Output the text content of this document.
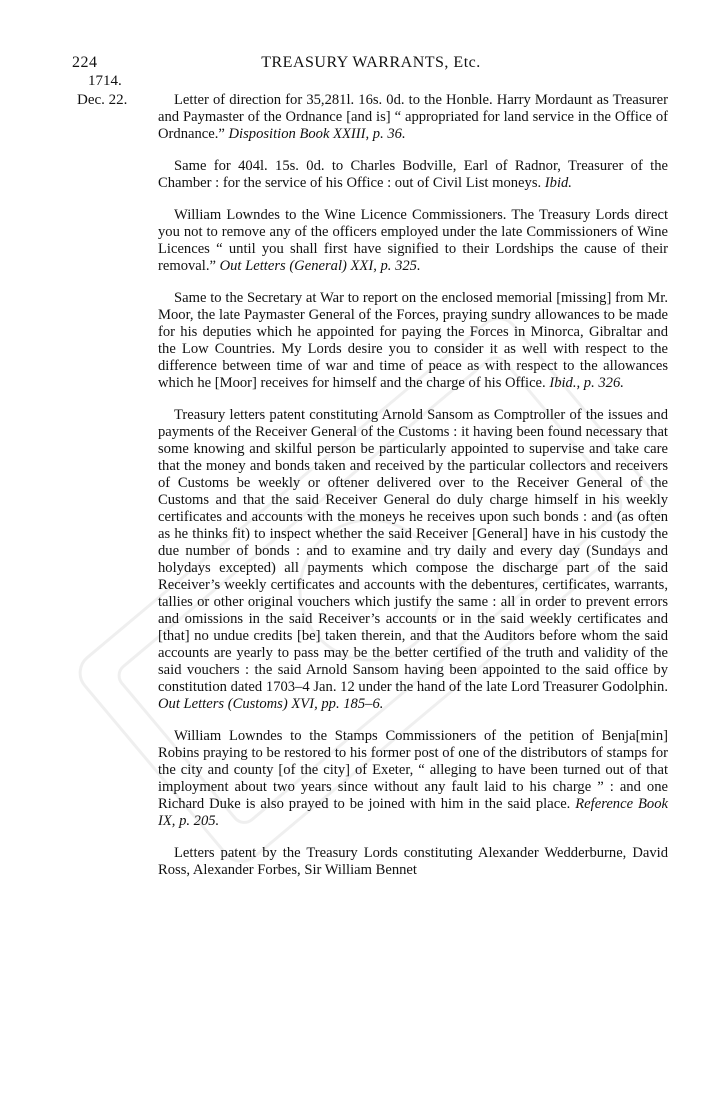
224	TREASURY WARRANTS, Etc.
1714.
Dec. 22.	Letter of direction for 35,281l. 16s. 0d. to the Honble. Harry Mordaunt as Treasurer and Paymaster of the Ordnance [and is] “ appropriated for land service in the Office of Ordnance.” Disposition Book XXIII, p. 36.

Same for 404l. 15s. 0d. to Charles Bodville, Earl of Radnor, Treasurer of the Chamber : for the service of his Office : out of Civil List moneys. Ibid.

William Lowndes to the Wine Licence Commissioners. The Treasury Lords direct you not to remove any of the officers employed under the late Commissioners of Wine Licences “ until you shall first have signified to their Lordships the cause of their removal.” Out Letters (General) XXI, p. 325.

Same to the Secretary at War to report on the enclosed memorial [missing] from Mr. Moor, the late Paymaster General of the Forces, praying sundry allowances to be made for his deputies which he appointed for paying the Forces in Minorca, Gibraltar and the Low Countries. My Lords desire you to consider it as well with respect to the difference between time of war and time of peace as with respect to the allowances which he [Moor] receives for himself and the charge of his Office. Ibid., p. 326.

Treasury letters patent constituting Arnold Sansom as Comptroller of the issues and payments of the Receiver General of the Customs : it having been found necessary that some knowing and skilful person be particularly appointed to supervise and take care that the money and bonds taken and received by the particular collectors and receivers of Customs be weekly or oftener delivered over to the Receiver General of the Customs and that the said Receiver General do duly charge himself in his weekly certificates and accounts with the moneys he receives upon such bonds : and (as often as he thinks fit) to inspect whether the said Receiver [General] have in his custody the due number of bonds : and to examine and try daily and every day (Sundays and holydays excepted) all payments which compose the discharge part of the said Receiver’s weekly certificates and accounts with the debentures, certificates, warrants, tallies or other original vouchers which justify the same : all in order to prevent errors and omissions in the said Receiver’s accounts or in the said weekly certificates and [that] no undue credits [be] taken therein, and that the Auditors before whom the said accounts are yearly to pass may be the better certified of the truth and validity of the said vouchers : the said Arnold Sansom having been appointed to the said office by constitution dated 1703–4 Jan. 12 under the hand of the late Lord Treasurer Godolphin. Out Letters (Customs) XVI, pp. 185–6.

William Lowndes to the Stamps Commissioners of the petition of Benja[min] Robins praying to be restored to his former post of one of the distributors of stamps for the city and county [of the city] of Exeter, “ alleging to have been turned out of that imployment about two years since without any fault laid to his charge ” : and one Richard Duke is also prayed to be joined with him in the said place. Reference Book IX, p. 205.

Letters patent by the Treasury Lords constituting Alexander Wedderburne, David Ross, Alexander Forbes, Sir William Bennet
